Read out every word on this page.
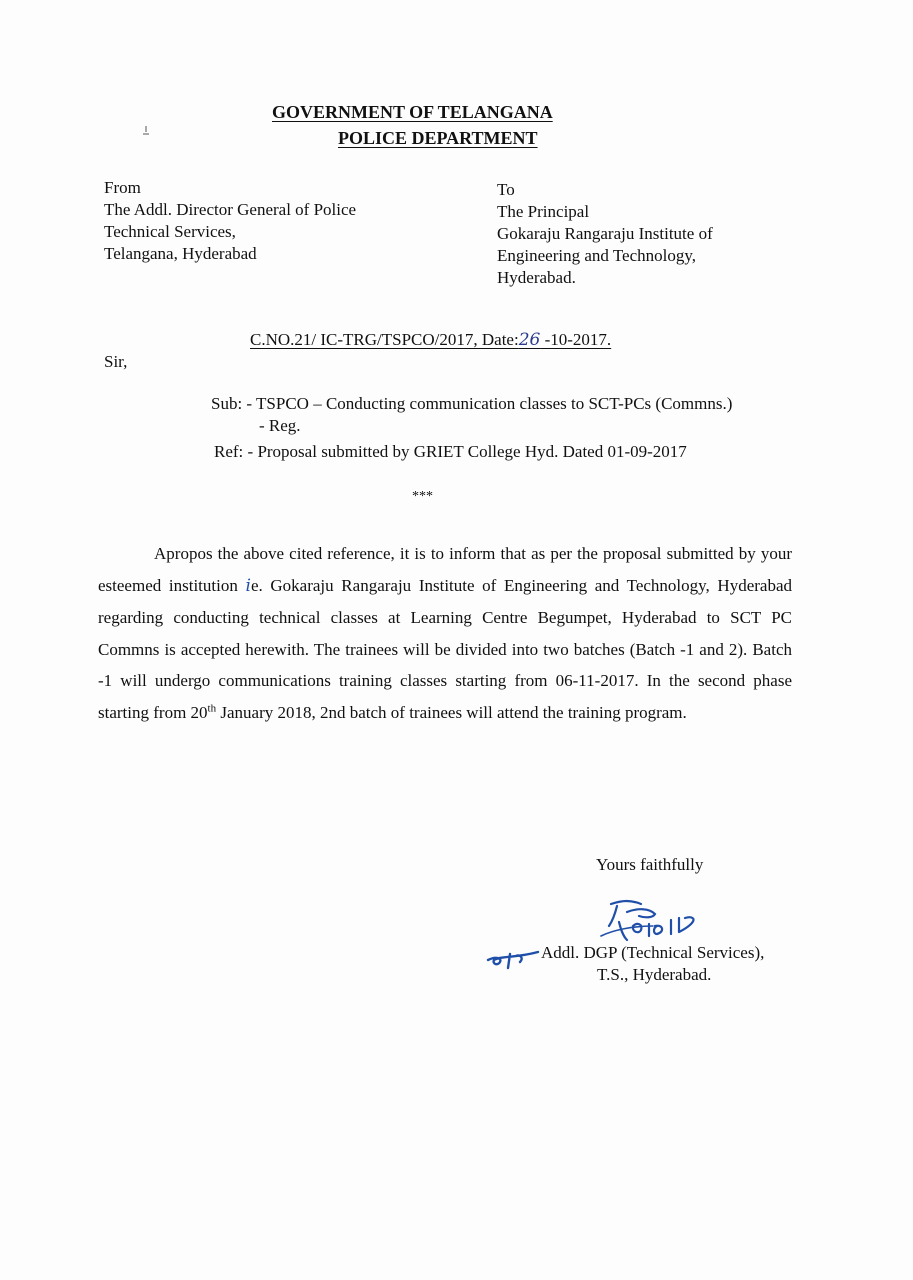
GOVERNMENT OF TELANGANA
POLICE DEPARTMENT
From
The Addl. Director General of Police
Technical Services,
Telangana, Hyderabad
To
The Principal
Gokaraju Rangaraju Institute of
Engineering and Technology,
Hyderabad.
C.NO.21/ IC-TRG/TSPCO/2017, Date:26 -10-2017.
Sir,
Sub: - TSPCO – Conducting communication classes to SCT-PCs (Commns.)
- Reg.
Ref: - Proposal submitted by GRIET College Hyd. Dated 01-09-2017
***
Apropos the above cited reference, it is to inform that as per the proposal submitted by your esteemed institution ie. Gokaraju Rangaraju Institute of Engineering and Technology, Hyderabad regarding conducting technical classes at Learning Centre Begumpet, Hyderabad to SCT PC Commns is accepted herewith. The trainees will be divided into two batches (Batch -1 and 2). Batch -1 will undergo communications training classes starting from 06-11-2017. In the second phase starting from 20th January 2018, 2nd batch of trainees will attend the training program.
Yours faithfully
Addl. DGP (Technical Services),
T.S., Hyderabad.
